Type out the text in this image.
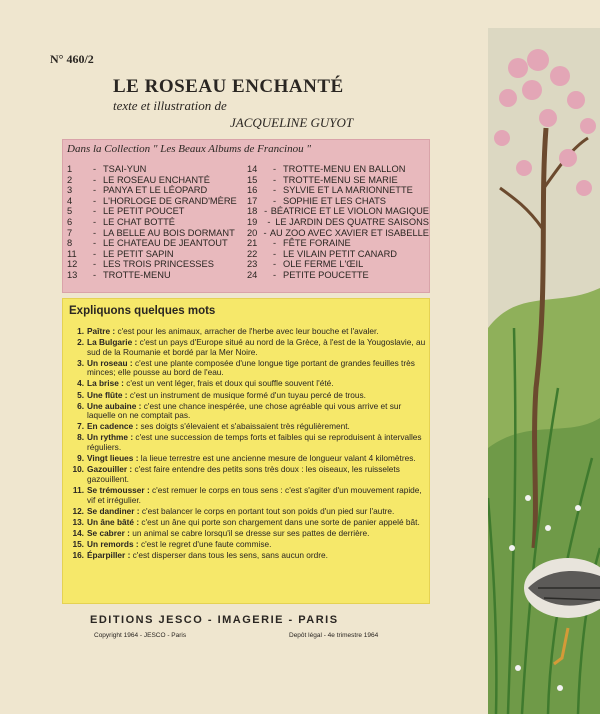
N° 460/2
LE ROSEAU ENCHANTÉ
texte et illustration de
JACQUELINE GUYOT
Dans la Collection " Les Beaux Albums de Francinou "
1	- TSAI-YUN
2	- LE ROSEAU ENCHANTÉ
3	- PANYA ET LE LÉOPARD
4	- L'HORLOGE DE GRAND'MÈRE
5	- LE PETIT POUCET
6	- LE CHAT BOTTÉ
7	- LA BELLE AU BOIS DORMANT
8	- LE CHATEAU DE JEANTOUT
11	- LE PETIT SAPIN
12	- LES TROIS PRINCESSES
13	- TROTTE-MENU
14	- TROTTE-MENU EN BALLON
15	- TROTTE-MENU SE MARIE
16	- SYLVIE ET LA MARIONNETTE
17	- SOPHIE ET LES CHATS
18 - BÉATRICE ET LE VIOLON MAGIQUE
19	- LE JARDIN DES QUATRE SAISONS
20 - AU ZOO AVEC XAVIER ET ISABELLE
21	- FÊTE FORAINE
22	- LE VILAIN PETIT CANARD
23	- OLE FERME L'ŒIL
24	- PETITE POUCETTE
Expliquons quelques mots
1. Paître : c'est pour les animaux, arracher de l'herbe avec leur bouche et l'avaler.
2. La Bulgarie : c'est un pays d'Europe situé au nord de la Grèce, à l'est de la Yougoslavie, au sud de la Roumanie et bordé par la Mer Noire.
3. Un roseau : c'est une plante composée d'une longue tige portant de grandes feuilles très minces; elle pousse au bord de l'eau.
4. La brise : c'est un vent léger, frais et doux qui souffle souvent l'été.
5. Une flûte : c'est un instrument de musique formé d'un tuyau percé de trous.
6. Une aubaine : c'est une chance inespérée, une chose agréable qui vous arrive et sur laquelle on ne comptait pas.
7. En cadence : ses doigts s'élevaient et s'abaissaient très régulièrement.
8. Un rythme : c'est une succession de temps forts et faibles qui se reproduisent à intervalles réguliers.
9. Vingt lieues : la lieue terrestre est une ancienne mesure de longueur valant 4 kilomètres.
10. Gazouiller : c'est faire entendre des petits sons très doux : les oiseaux, les ruisselets gazouillent.
11. Se trémousser : c'est remuer le corps en tous sens : c'est s'agiter d'un mouvement rapide, vif et irrégulier.
12. Se dandiner : c'est balancer le corps en portant tout son poids d'un pied sur l'autre.
13. Un âne bâté : c'est un âne qui porte son chargement dans une sorte de panier appelé bât.
14. Se cabrer : un animal se cabre lorsqu'il se dresse sur ses pattes de derrière.
15. Un remords : c'est le regret d'une faute commise.
16. Éparpiller : c'est disperser dans tous les sens, sans aucun ordre.
EDITIONS JESCO - IMAGERIE - PARIS
Copyright 1964 - JESCO - Paris	Depôt légal - 4e trimestre 1964
